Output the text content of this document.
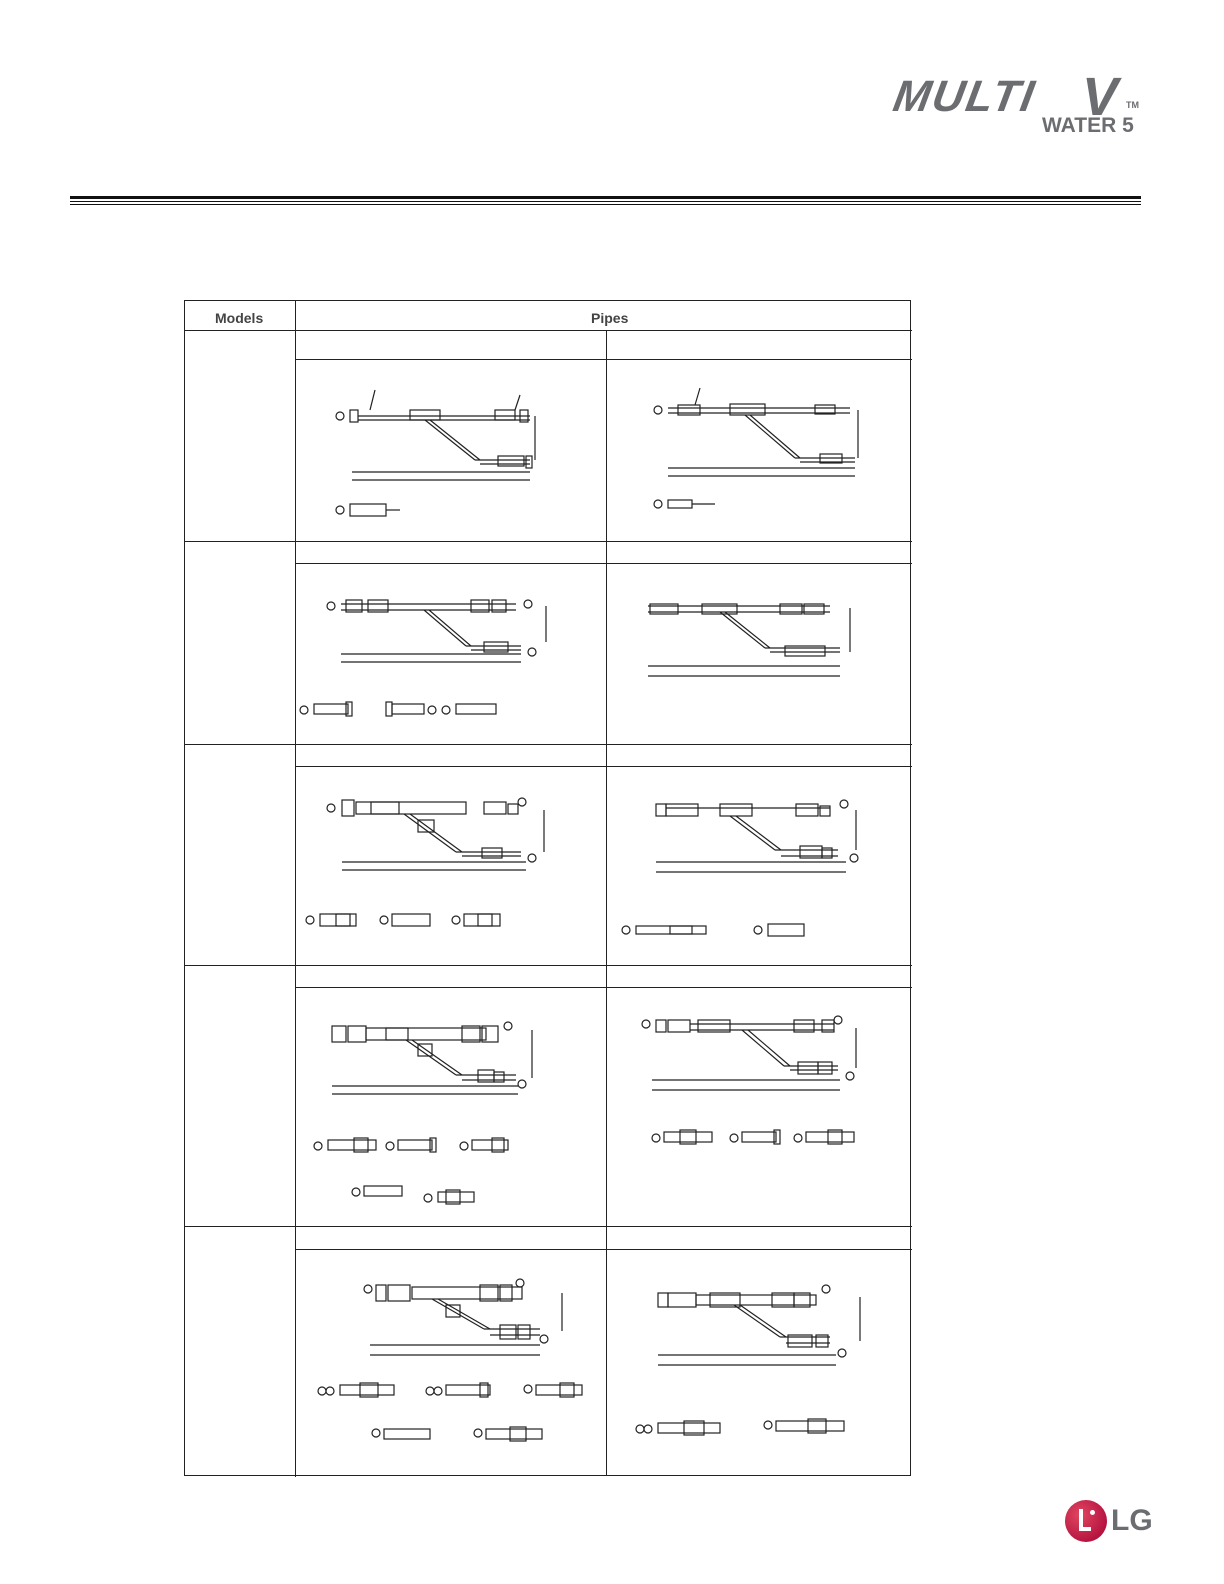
MULTI V TM
WATER 5
Models	Pipes
LG
